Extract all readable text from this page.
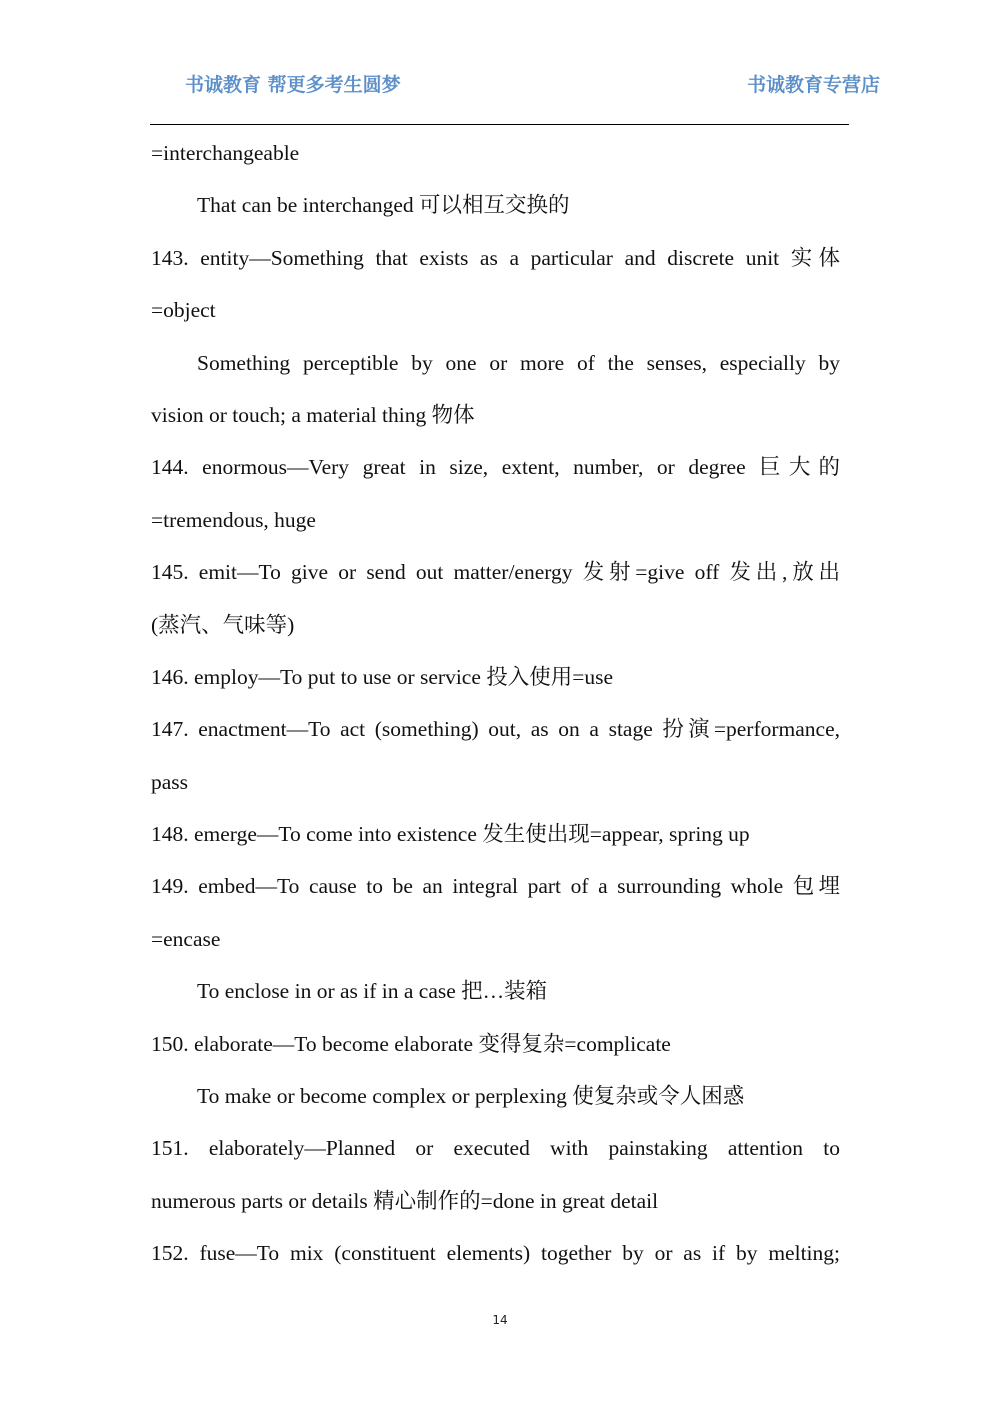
书诚教育 帮更多考生圆梦	书诚教育专营店
=interchangeable
That can be interchanged 可以相互交换的
143. entity—Something that exists as a particular and discrete unit 实体
=object
Something perceptible by one or more of the senses, especially by
vision or touch; a material thing 物体
144. enormous—Very great in size, extent, number, or degree 巨大的
=tremendous, huge
145. emit—To give or send out matter/energy 发射=give off 发出,放出
(蒸汽、气味等)
146. employ—To put to use or service 投入使用=use
147. enactment—To act (something) out, as on a stage 扮演=performance,
pass
148. emerge—To come into existence 发生使出现=appear, spring up
149. embed—To cause to be an integral part of a surrounding whole 包埋
=encase
To enclose in or as if in a case 把…装箱
150. elaborate—To become elaborate 变得复杂=complicate
To make or become complex or perplexing 使复杂或令人困惑
151. elaborately—Planned or executed with painstaking attention to
numerous parts or details 精心制作的=done in great detail
152. fuse—To mix (constituent elements) together by or as if by melting;
14
